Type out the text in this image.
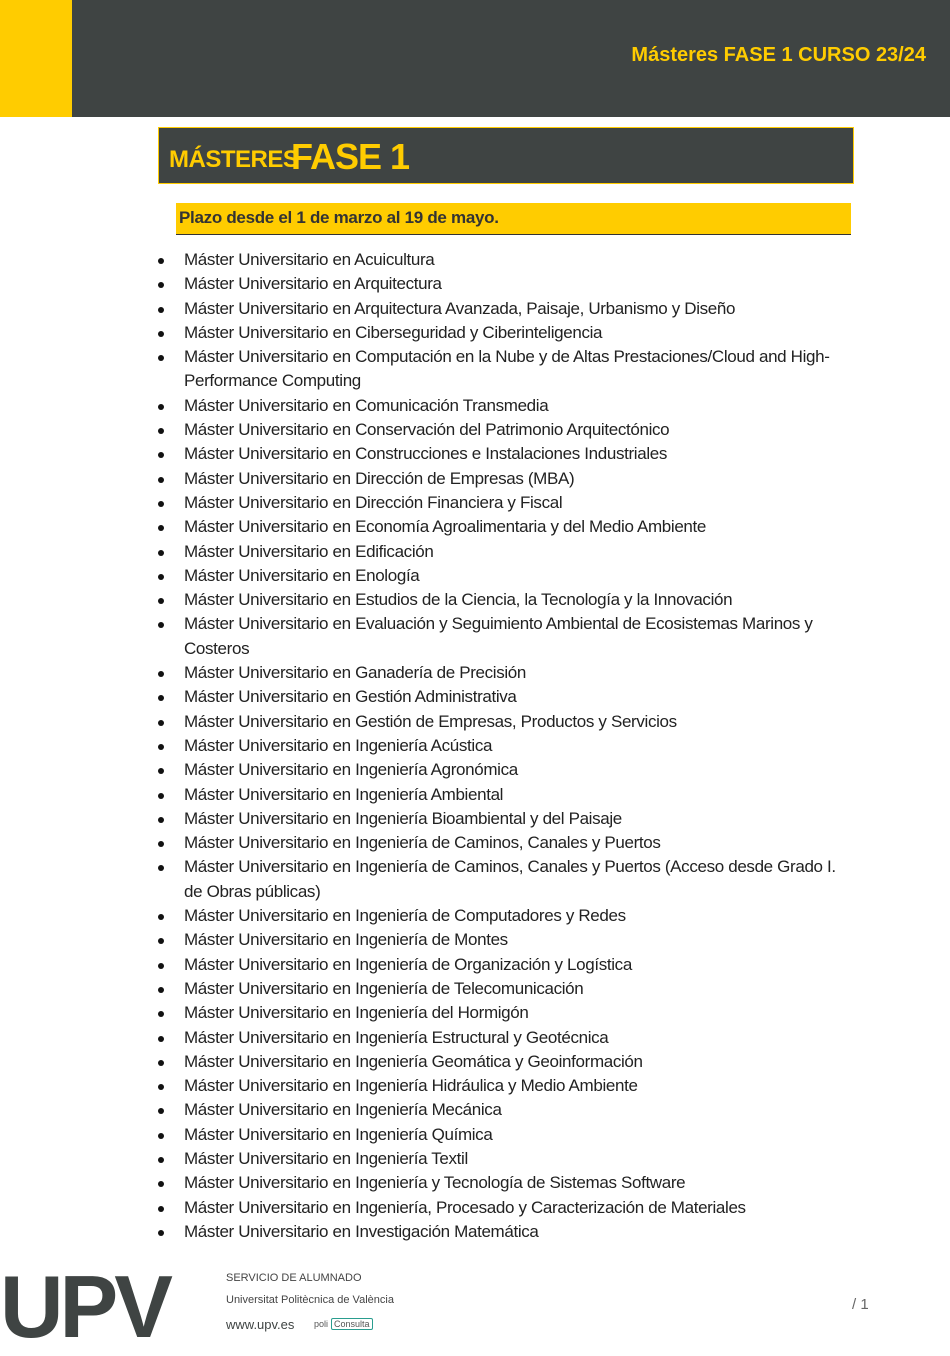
Másteres FASE 1 CURSO 23/24
MÁSTERES
FASE 1
Plazo desde el 1 de marzo al 19 de mayo.
Máster Universitario en Acuicultura
Máster Universitario en Arquitectura
Máster Universitario en Arquitectura Avanzada, Paisaje, Urbanismo y Diseño
Máster Universitario en Ciberseguridad y Ciberinteligencia
Máster Universitario en Computación en la Nube y de Altas Prestaciones/Cloud and High-Performance Computing
Máster Universitario en Comunicación Transmedia
Máster Universitario en Conservación del Patrimonio Arquitectónico
Máster Universitario en Construcciones e Instalaciones Industriales
Máster Universitario en Dirección de Empresas (MBA)
Máster Universitario en Dirección Financiera y Fiscal
Máster Universitario en Economía Agroalimentaria y del Medio Ambiente
Máster Universitario en Edificación
Máster Universitario en Enología
Máster Universitario en Estudios de la Ciencia, la Tecnología y la Innovación
Máster Universitario en Evaluación y Seguimiento Ambiental de Ecosistemas Marinos y Costeros
Máster Universitario en Ganadería de Precisión
Máster Universitario en Gestión Administrativa
Máster Universitario en Gestión de Empresas, Productos y Servicios
Máster Universitario en Ingeniería Acústica
Máster Universitario en Ingeniería Agronómica
Máster Universitario en Ingeniería Ambiental
Máster Universitario en Ingeniería Bioambiental y del Paisaje
Máster Universitario en Ingeniería de Caminos, Canales y Puertos
Máster Universitario en Ingeniería de Caminos, Canales y Puertos (Acceso desde Grado I. de Obras públicas)
Máster Universitario en Ingeniería de Computadores y Redes
Máster Universitario en Ingeniería de Montes
Máster Universitario en Ingeniería de Organización y Logística
Máster Universitario en Ingeniería de Telecomunicación
Máster Universitario en Ingeniería del Hormigón
Máster Universitario en Ingeniería Estructural y Geotécnica
Máster Universitario en Ingeniería Geomática y Geoinformación
Máster Universitario en Ingeniería Hidráulica y Medio Ambiente
Máster Universitario en Ingeniería Mecánica
Máster Universitario en Ingeniería Química
Máster Universitario en Ingeniería Textil
Máster Universitario en Ingeniería y Tecnología de Sistemas Software
Máster Universitario en Ingeniería, Procesado y Caracterización de Materiales
Máster Universitario en Investigación Matemática
UPV	SERVICIO DE ALUMNADO
Universitat Politècnica de València
www.upv.es poli Consulta
/ 1
